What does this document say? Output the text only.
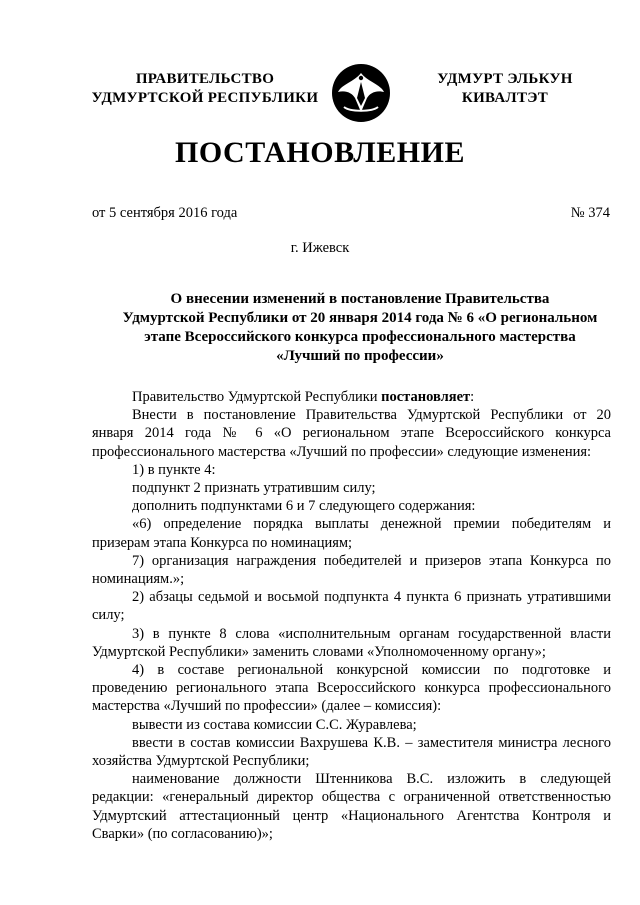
ПРАВИТЕЛЬСТВО
УДМУРТСКОЙ РЕСПУБЛИКИ
УДМУРТ ЭЛЬКУН
КИВАЛТЭТ
ПОСТАНОВЛЕНИЕ
от 5 сентября 2016 года	№ 374
г. Ижевск
О внесении изменений в постановление Правительства
Удмуртской Республики от 20 января 2014 года № 6 «О региональном
этапе Всероссийского конкурса профессионального мастерства
«Лучший по профессии»

Правительство Удмуртской Республики постановляет:

Внести в постановление Правительства Удмуртской Республики от 20 января 2014 года № 6 «О региональном этапе Всероссийского конкурса профессионального мастерства «Лучший по профессии» следующие изменения:

1) в пункте 4:

подпункт 2 признать утратившим силу;

дополнить подпунктами 6 и 7 следующего содержания:

«6) определение порядка выплаты денежной премии победителям и призерам этапа Конкурса по номинациям;

7) организация награждения победителей и призеров этапа Конкурса по номинациям.»;

2) абзацы седьмой и восьмой подпункта 4 пункта 6 признать утратившими силу;

3) в пункте 8 слова «исполнительным органам государственной власти Удмуртской Республики» заменить словами «Уполномоченному органу»;

4) в составе региональной конкурсной комиссии по подготовке и проведению регионального этапа Всероссийского конкурса профессионального мастерства «Лучший по профессии» (далее – комиссия):

вывести из состава комиссии С.С. Журавлева;

ввести в состав комиссии Вахрушева К.В. – заместителя министра лесного хозяйства Удмуртской Республики;

наименование должности Штенникова В.С. изложить в следующей редакции: «генеральный директор общества с ограниченной ответственностью Удмуртский аттестационный центр «Национального Агентства Контроля и Сварки» (по согласованию)»;
